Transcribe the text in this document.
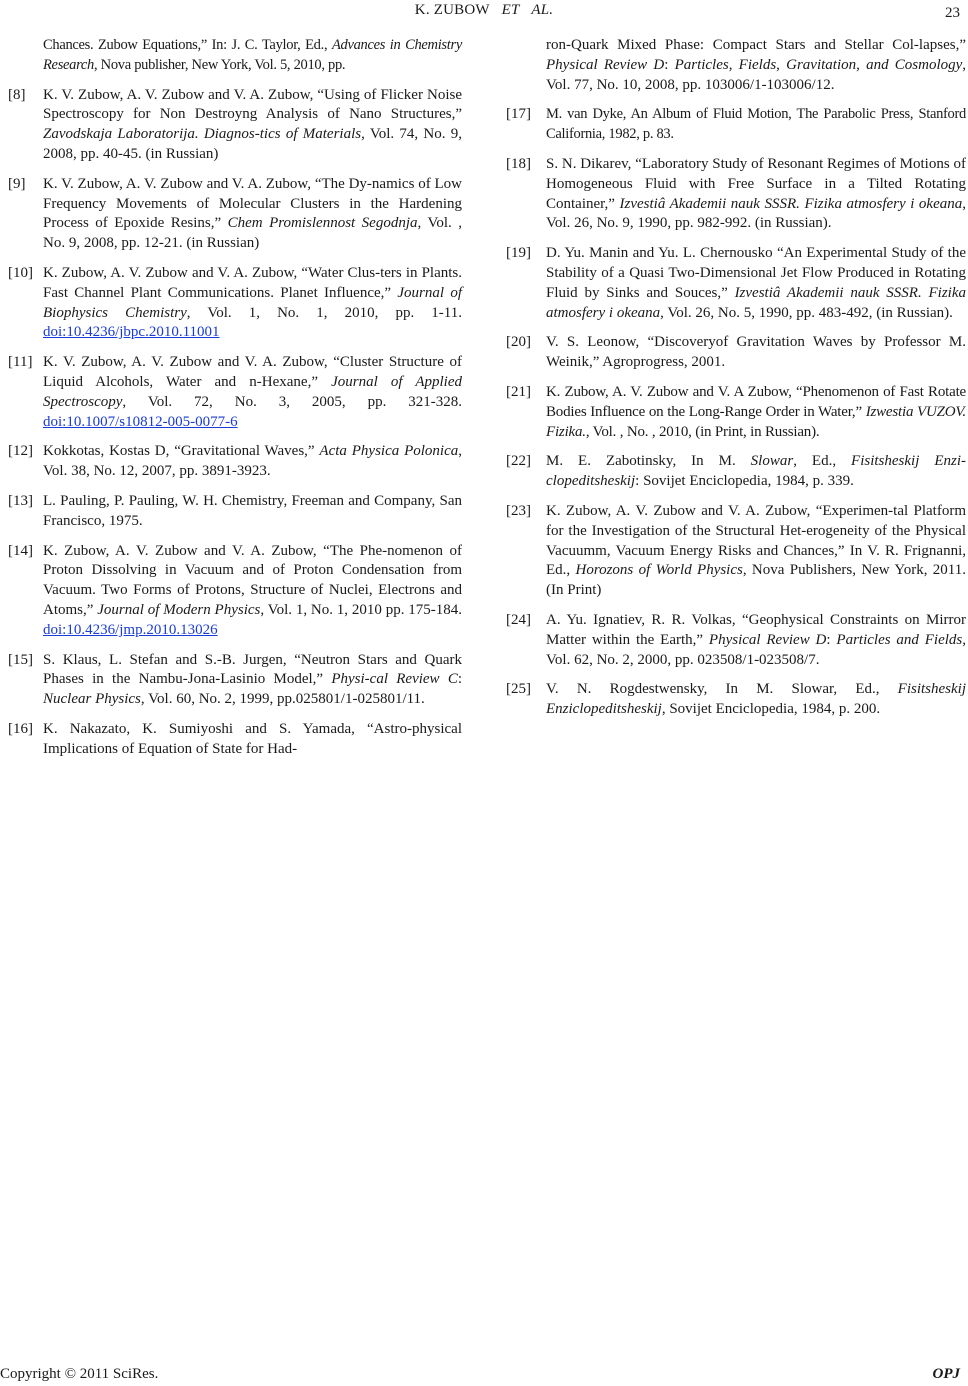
K. ZUBOW ET AL.	23
Chances. Zubow Equations,” In: J. C. Taylor, Ed., Advances in Chemistry Research, Nova publisher, New York, Vol. 5, 2010, pp.
[8]	K. V. Zubow, A. V. Zubow and V. A. Zubow, “Using of Flicker Noise Spectroscopy for Non Destroyng Analysis of Nano Structures,” Zavodskaja Laboratorija. Diagnos-tics of Materials, Vol. 74, No. 9, 2008, pp. 40-45. (in Russian)
[9]	K. V. Zubow, A. V. Zubow and V. A. Zubow, “The Dy-namics of Low Frequency Movements of Molecular Clusters in the Hardening Process of Epoxide Resins,” Chem Promislennost Segodnja, Vol. , No. 9, 2008, pp. 12-21. (in Russian)
[10] K. Zubow, A. V. Zubow and V. A. Zubow, “Water Clus-ters in Plants. Fast Channel Plant Communications. Planet Influence,” Journal of Biophysics Chemistry, Vol. 1, No. 1, 2010, pp. 1-11. doi:10.4236/jbpc.2010.11001
[11] K. V. Zubow, A. V. Zubow and V. A. Zubow, “Cluster Structure of Liquid Alcohols, Water and n-Hexane,” Journal of Applied Spectroscopy, Vol. 72, No. 3, 2005, pp. 321-328. doi:10.1007/s10812-005-0077-6
[12] Kokkotas, Kostas D, “Gravitational Waves,” Acta Physica Polonica, Vol. 38, No. 12, 2007, pp. 3891-3923.
[13] L. Pauling, P. Pauling, W. H. Chemistry, Freeman and Company, San Francisco, 1975.
[14] K. Zubow, A. V. Zubow and V. A. Zubow, “The Phe-nomenon of Proton Dissolving in Vacuum and of Proton Condensation from Vacuum. Two Forms of Protons, Structure of Nuclei, Electrons and Atoms,” Journal of Modern Physics, Vol. 1, No. 1, 2010 pp. 175-184. doi:10.4236/jmp.2010.13026
[15] S. Klaus, L. Stefan and S.-B. Jurgen, “Neutron Stars and Quark Phases in the Nambu-Jona-Lasinio Model,” Physi-cal Review C: Nuclear Physics, Vol. 60, No. 2, 1999, pp.025801/1-025801/11.
[16] K. Nakazato, K. Sumiyoshi and S. Yamada, “Astro-physical Implications of Equation of State for Had-
ron-Quark Mixed Phase: Compact Stars and Stellar Col-lapses,” Physical Review D: Particles, Fields, Gravitation, and Cosmology, Vol. 77, No. 10, 2008, pp. 103006/1-103006/12.
[17]	M. van Dyke, An Album of Fluid Motion, The Parabolic Press, Stanford California, 1982, p. 83.
[18]	S. N. Dikarev, “Laboratory Study of Resonant Regimes of Motions of Homogeneous Fluid with Free Surface in a Tilted Rotating Container,” Izvestiâ Akademii nauk SSSR. Fizika atmosfery i okeana, Vol. 26, No. 9, 1990, pp. 982-992. (in Russian).
[19]	D. Yu. Manin and Yu. L. Chernousko “An Experimental Study of the Stability of a Quasi Two-Dimensional Jet Flow Produced in Rotating Fluid by Sinks and Souces,” Izvestiâ Akademii nauk SSSR. Fizika atmosfery i okeana, Vol. 26, No. 5, 1990, pp. 483-492, (in Russian).
[20]	V. S. Leonow, “Discoveryof Gravitation Waves by Professor M. Weinik,” Agroprogress, 2001.
[21]	K. Zubow, A. V. Zubow and V. A Zubow, “Phenomenon of Fast Rotate Bodies Influence on the Long-Range Order in Water,” Izwestia VUZOV. Fizika., Vol. , No. , 2010, (in Print, in Russian).
[22]	M. E. Zabotinsky, In M. Slowar, Ed., Fisitsheskij Enzi-clopeditsheskij: Sovijet Enciclopedia, 1984, p. 339.
[23]	K. Zubow, A. V. Zubow and V. A. Zubow, “Experimen-tal Platform for the Investigation of the Structural Het-erogeneity of the Physical Vacuumm, Vacuum Energy Risks and Chances,” In V. R. Frignanni, Ed., Horozons of World Physics, Nova Publishers, New York, 2011. (In Print)
[24]	A. Yu. Ignatiev, R. R. Volkas, “Geophysical Constraints on Mirror Matter within the Earth,” Physical Review D: Particles and Fields, Vol. 62, No. 2, 2000, pp. 023508/1-023508/7.
[25]	V. N. Rogdestwensky, In M. Slowar, Ed., Fisitsheskij Enziclopeditsheskij, Sovijet Enciclopedia, 1984, p. 200.
Copyright © 2011 SciRes.	OPJ
